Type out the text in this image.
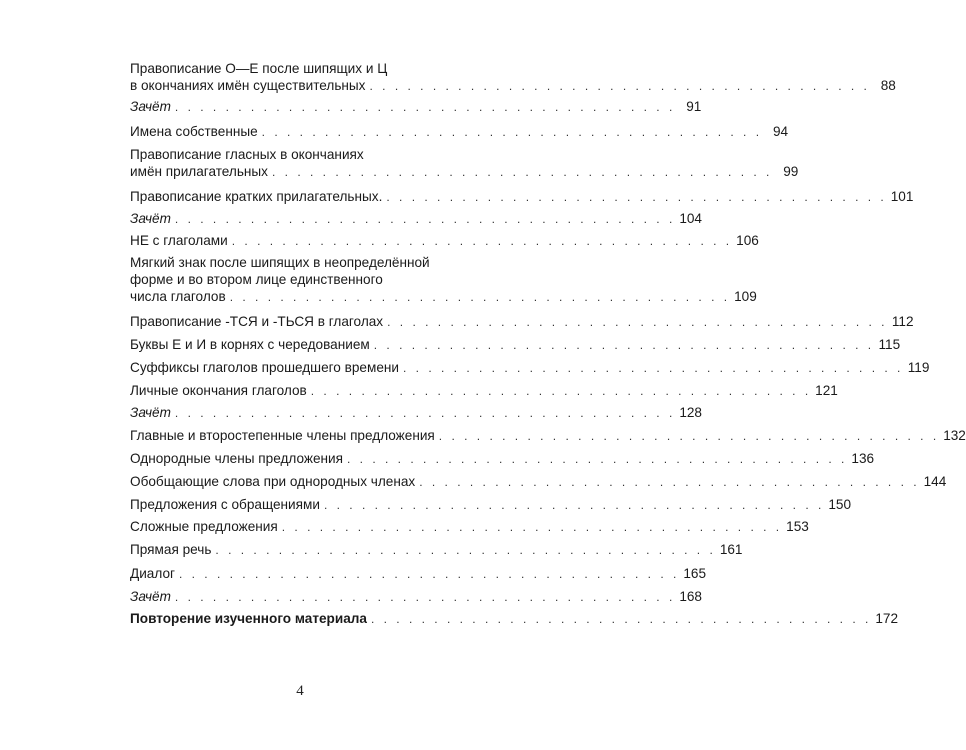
Правописание О—Е после шипящих и Ц
в окончаниях имён существительных . . . . . . . . . . . . . . . . . . . . . . . . . . . . . . . . . . . . . . . . 88
Зачёт . . . . . . . . . . . . . . . . . . . . . . . . . . . . . . . . . . . . . . . . 91
Имена собственные . . . . . . . . . . . . . . . . . . . . . . . . . . . . . . . . . . . . . . . . 94
Правописание гласных в окончаниях
имён прилагательных . . . . . . . . . . . . . . . . . . . . . . . . . . . . . . . . . . . . . . . . 99
Правописание кратких прилагательных. . . . . . . . . . . . . . . . . . . . . . . . . . . . . . . . . . . . . . . . . 101
Зачёт . . . . . . . . . . . . . . . . . . . . . . . . . . . . . . . . . . . . . . . . 104
НЕ с глаголами . . . . . . . . . . . . . . . . . . . . . . . . . . . . . . . . . . . . . . . . 106
Мягкий знак после шипящих в неопределённой
форме и во втором лице единственного
числа глаголов . . . . . . . . . . . . . . . . . . . . . . . . . . . . . . . . . . . . . . . . 109
Правописание -ТСЯ и -ТЬСЯ в глаголах . . . . . . . . . . . . . . . . . . . . . . . . . . . . . . . . . . . . . . . . 112
Буквы Е и И в корнях с чередованием . . . . . . . . . . . . . . . . . . . . . . . . . . . . . . . . . . . . . . . . 115
Суффиксы глаголов прошедшего времени . . . . . . . . . . . . . . . . . . . . . . . . . . . . . . . . . . . . . . . . 119
Личные окончания глаголов . . . . . . . . . . . . . . . . . . . . . . . . . . . . . . . . . . . . . . . . 121
Зачёт . . . . . . . . . . . . . . . . . . . . . . . . . . . . . . . . . . . . . . . . 128
Главные и второстепенные члены предложения . . . . . . . . . . . . . . . . . . . . . . . . . . . . . . . . . . . . . . . . 132
Однородные члены предложения . . . . . . . . . . . . . . . . . . . . . . . . . . . . . . . . . . . . . . . . 136
Обобщающие слова при однородных членах . . . . . . . . . . . . . . . . . . . . . . . . . . . . . . . . . . . . . . . . 144
Предложения с обращениями . . . . . . . . . . . . . . . . . . . . . . . . . . . . . . . . . . . . . . . . 150
Сложные предложения . . . . . . . . . . . . . . . . . . . . . . . . . . . . . . . . . . . . . . . . 153
Прямая речь . . . . . . . . . . . . . . . . . . . . . . . . . . . . . . . . . . . . . . . . 161
Диалог . . . . . . . . . . . . . . . . . . . . . . . . . . . . . . . . . . . . . . . . 165
Зачёт . . . . . . . . . . . . . . . . . . . . . . . . . . . . . . . . . . . . . . . . 168
Повторение изученного материала . . . . . . . . . . . . . . . . . . . . . . . . . . . . . . . . . . . . . . . . 172
4
